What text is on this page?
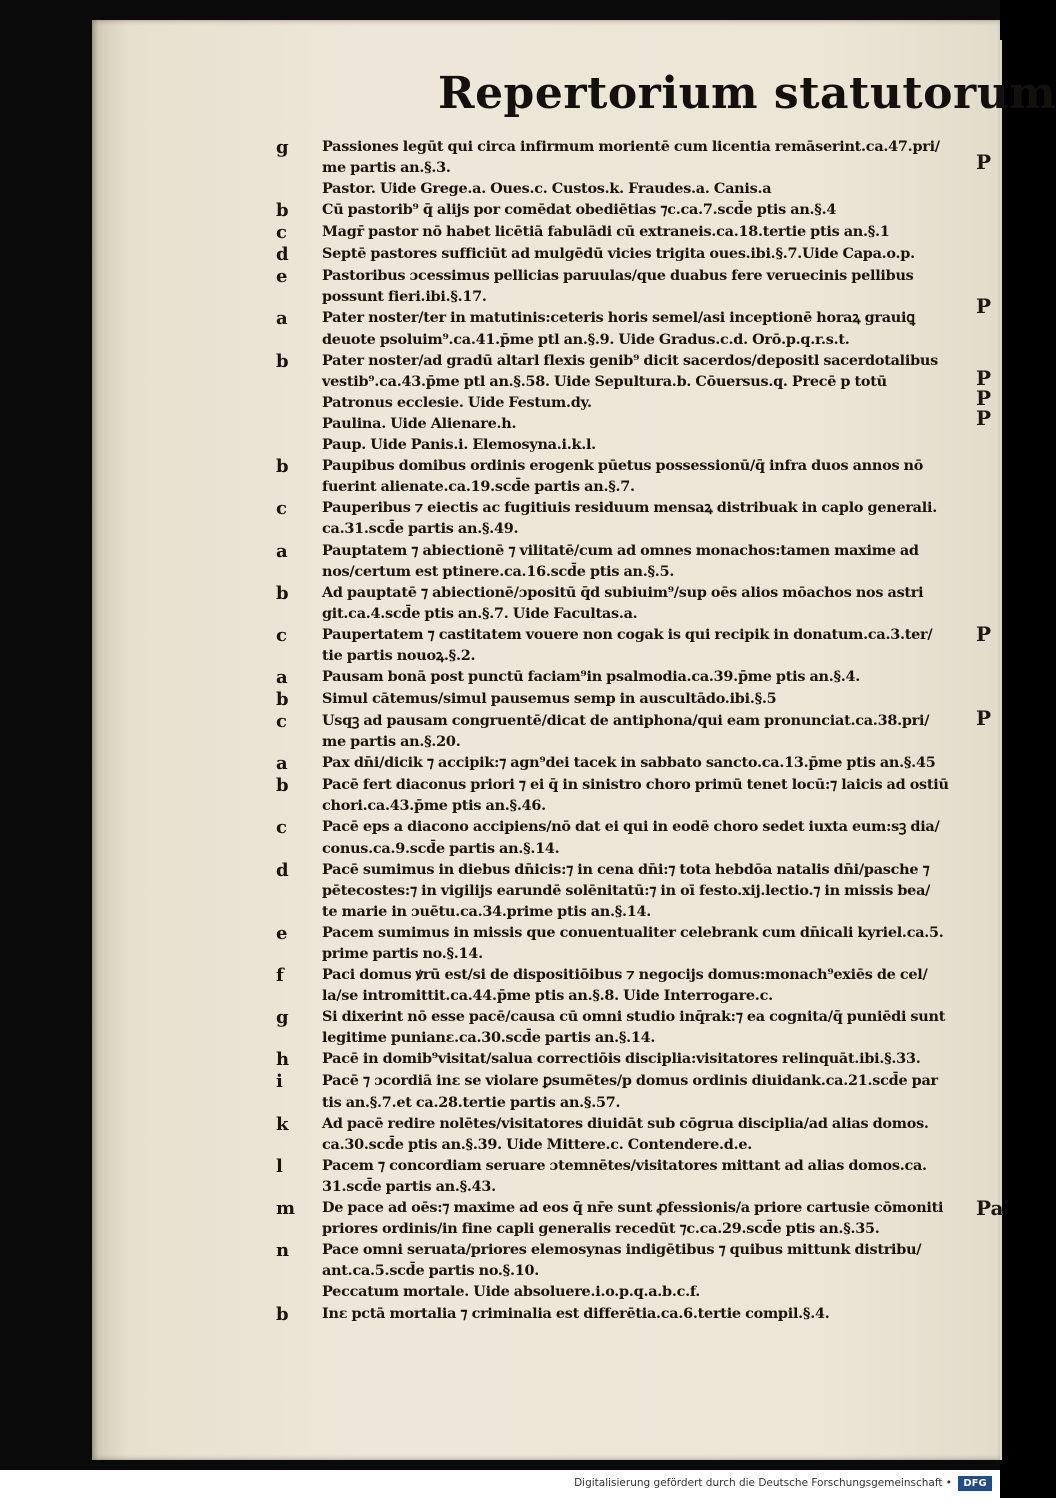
P
P
P
P
P
P
P
Pa
Repertorium statutorum
g	Passiones legūt qui circa infirmum morientē cum licentia remāserint.ca.47.pri/
me partis an.§.3.
Pastor. Uide Grege.a. Oues.c. Custos.k. Fraudes.a. Canis.a
b	Cū pastorib⁹ q̄ alijs por comēdat obediētias ⁊c.ca.7.scd̄e ptis an.§.4
c	Magr̄ pastor nō habet licētiā fabulādi cū extraneis.ca.18.tertie ptis an.§.1
d	Septē pastores sufficiūt ad mulgēdū vicies trigita oues.ibi.§.7.Uide Capa.o.p.
e	Pastoribus ɔcessimus pellicias paruulas/que duabus fere veruecinis pellibus
possunt fieri.ibi.§.17.
a	Pater noster/ter in matutinis:ceteris horis semel/asi inceptionē horaꝝ grauiꝗ
deuote psoluim⁹.ca.41.p̄me ptl an.§.9. Uide Gradus.c.d. Orō.p.q.r.s.t.
b	Pater noster/ad gradū altarl flexis genib⁹ dicit sacerdos/depositl sacerdotalibus
vestib⁹.ca.43.p̄me ptl an.§.58. Uide Sepultura.b. Cōuersus.q. Precē p totū
Patronus ecclesie. Uide Festum.dy.
Paulina. Uide Alienare.h.
Paup. Uide Panis.i. Elemosyna.i.k.l.
b	Paupibus domibus ordinis erogenk pūetus possessionū/q̄ infra duos annos nō
fuerint alienate.ca.19.scd̄e partis an.§.7.
c	Pauperibus ⁊ eiectis ac fugitiuis residuum mensaꝝ distribuak in caplo generali.
ca.31.scd̄e partis an.§.49.
a	Pauptatem ⁊ abiectionē ⁊ vilitatē/cum ad omnes monachos:tamen maxime ad
nos/certum est ptinere.ca.16.scd̄e ptis an.§.5.
b	Ad pauptatē ⁊ abiectionē/ɔpositū q̄d subiuim⁹/sup oēs alios mōachos nos astri
git.ca.4.scd̄e ptis an.§.7. Uide Facultas.a.
c	Paupertatem ⁊ castitatem vouere non cogak is qui recipik in donatum.ca.3.ter/
tie partis nouoꝝ.§.2.
a	Pausam bonā post punctū faciam⁹in psalmodia.ca.39.p̄me ptis an.§.4.
b	Simul cātemus/simul pausemus semp in auscultādo.ibi.§.5
c	Usqꝫ ad pausam congruentē/dicat de antiphona/qui eam pronunciat.ca.38.pri/
me partis an.§.20.
a	Pax dn̄i/dicik ⁊ accipik:⁊ agn⁹dei tacek in sabbato sancto.ca.13.p̄me ptis an.§.45
b	Pacē fert diaconus priori ⁊ ei q̄ in sinistro choro primū tenet locū:⁊ laicis ad ostiū
chori.ca.43.p̄me ptis an.§.46.
c	Pacē eps a diacono accipiens/nō dat ei qui in eodē choro sedet iuxta eum:sꝫ dia/
conus.ca.9.scd̄e partis an.§.14.
d	Pacē sumimus in diebus dn̄icis:⁊ in cena dn̄i:⁊ tota hebdōa natalis dn̄i/pasche ⁊
pētecostes:⁊ in vigilijs earundē solēnitatū:⁊ in oī festo.xij.lectio.⁊ in missis bea/
te marie in ɔuētu.ca.34.prime ptis an.§.14.
e	Pacem sumimus in missis que conuentualiter celebrank cum dn̄icali kyriel.ca.5.
prime partis no.§.14.
f	Paci domus ꝟrū est/si de dispositiōibus ⁊ negocijs domus:monach⁹exiēs de cel/
la/se intromittit.ca.44.p̄me ptis an.§.8. Uide Interrogare.c.
g	Si dixerint nō esse pacē/causa cū omni studio inq̄rak:⁊ ea cognita/q̄ puniēdi sunt
legitime punianε.ca.30.scd̄e partis an.§.14.
h	Pacē in domib⁹visitat/salua correctiōis disciplia:visitatores relinquāt.ibi.§.33.
i	Pacē ⁊ ɔcordiā inε se violare ꝑsumētes/p domus ordinis diuidank.ca.21.scd̄e par
tis an.§.7.et ca.28.tertie partis an.§.57.
k	Ad pacē redire nolētes/visitatores diuidāt sub cōgrua disciplia/ad alias domos.
ca.30.scd̄e ptis an.§.39. Uide Mittere.c. Contendere.d.e.
l	Pacem ⁊ concordiam seruare ɔtemnētes/visitatores mittant ad alias domos.ca.
31.scd̄e partis an.§.43.
m	De pace ad oēs:⁊ maxime ad eos q̄ nr̄e sunt ꝓfessionis/a priore cartusie cōmoniti
priores ordinis/in fine capli generalis recedūt ⁊c.ca.29.scd̄e ptis an.§.35.
n	Pace omni seruata/priores elemosynas indigētibus ⁊ quibus mittunk distribu/
ant.ca.5.scd̄e partis no.§.10.
Peccatum mortale. Uide absoluere.i.o.p.q.a.b.c.f.
b	Inε pctā mortalia ⁊ criminalia est differētia.ca.6.tertie compil.§.4.
Digitalisierung gefördert durch die Deutsche Forschungsgemeinschaft •	DFG
